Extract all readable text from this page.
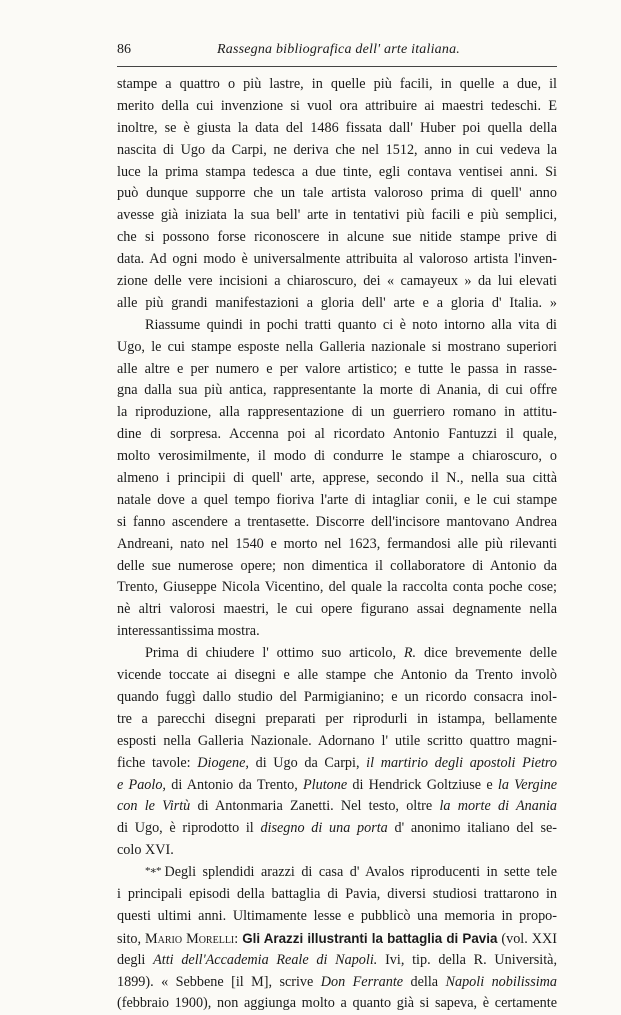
86	Rassegna bibliografica dell' arte italiana.
stampe a quattro o più lastre, in quelle più facili, in quelle a due, il
merito della cui invenzione si vuol ora attribuire ai maestri tedeschi. E
inoltre, se è giusta la data del 1486 fissata dall' Huber poi quella della
nascita di Ugo da Carpi, ne deriva che nel 1512, anno in cui vedeva la
luce la prima stampa tedesca a due tinte, egli contava ventisei anni. Si
può dunque supporre che un tale artista valoroso prima di quell' anno
avesse già iniziata la sua bell' arte in tentativi più facili e più semplici,
che si possono forse riconoscere in alcune sue nitide stampe prive di
data. Ad ogni modo è universalmente attribuita al valoroso artista l'inven-
zione delle vere incisioni a chiaroscuro, dei « camayeux » da lui elevati
alle più grandi manifestazioni a gloria dell' arte e a gloria d' Italia. »
Riassume quindi in pochi tratti quanto ci è noto intorno alla vita di
Ugo, le cui stampe esposte nella Galleria nazionale si mostrano superiori
alle altre e per numero e per valore artistico; e tutte le passa in rasse-
gna dalla sua più antica, rappresentante la morte di Anania, di cui offre
la riproduzione, alla rappresentazione di un guerriero romano in attitu-
dine di sorpresa. Accenna poi al ricordato Antonio Fantuzzi il quale,
molto verosimilmente, il modo di condurre le stampe a chiaroscuro, o
almeno i principii di quell' arte, apprese, secondo il N., nella sua città
natale dove a quel tempo fioriva l'arte di intagliar conii, e le cui stampe
si fanno ascendere a trentasette. Discorre dell'incisore mantovano Andrea
Andreani, nato nel 1540 e morto nel 1623, fermandosi alle più rilevanti
delle sue numerose opere; non dimentica il collaboratore di Antonio da
Trento, Giuseppe Nicola Vicentino, del quale la raccolta conta poche cose;
nè altri valorosi maestri, le cui opere figurano assai degnamente nella
interessantissima mostra.
Prima di chiudere l' ottimo suo articolo, R. dice brevemente delle
vicende toccate ai disegni e alle stampe che Antonio da Trento involò
quando fuggì dallo studio del Parmigianino; e un ricordo consacra inol-
tre a parecchi disegni preparati per riprodurli in istampa, bellamente
esposti nella Galleria Nazionale. Adornano l' utile scritto quattro magni-
fiche tavole: Diogene, di Ugo da Carpi, il martirio degli apostoli Pietro
e Paolo, di Antonio da Trento, Plutone di Hendrick Goltziuse e la Vergine
con le Virtù di Antonmaria Zanetti. Nel testo, oltre la morte di Anania
di Ugo, è riprodotto il disegno di una porta d' anonimo italiano del se-
colo XVI.
*∗* Degli splendidi arazzi di casa d' Avalos riproducenti in sette tele
i principali episodi della battaglia di Pavia, diversi studiosi trattarono in
questi ultimi anni. Ultimamente lesse e pubblicò una memoria in propo-
sito, Mario Morelli: Gli Arazzi illustranti la battaglia di Pavia (vol. XXI
degli Atti dell'Accademia Reale di Napoli. Ivi, tip. della R. Università,
1899). « Sebbene [il M], scrive Don Ferrante della Napoli nobilissima
(febbraio 1900), non aggiunga molto a quanto già si sapeva, è certamente
